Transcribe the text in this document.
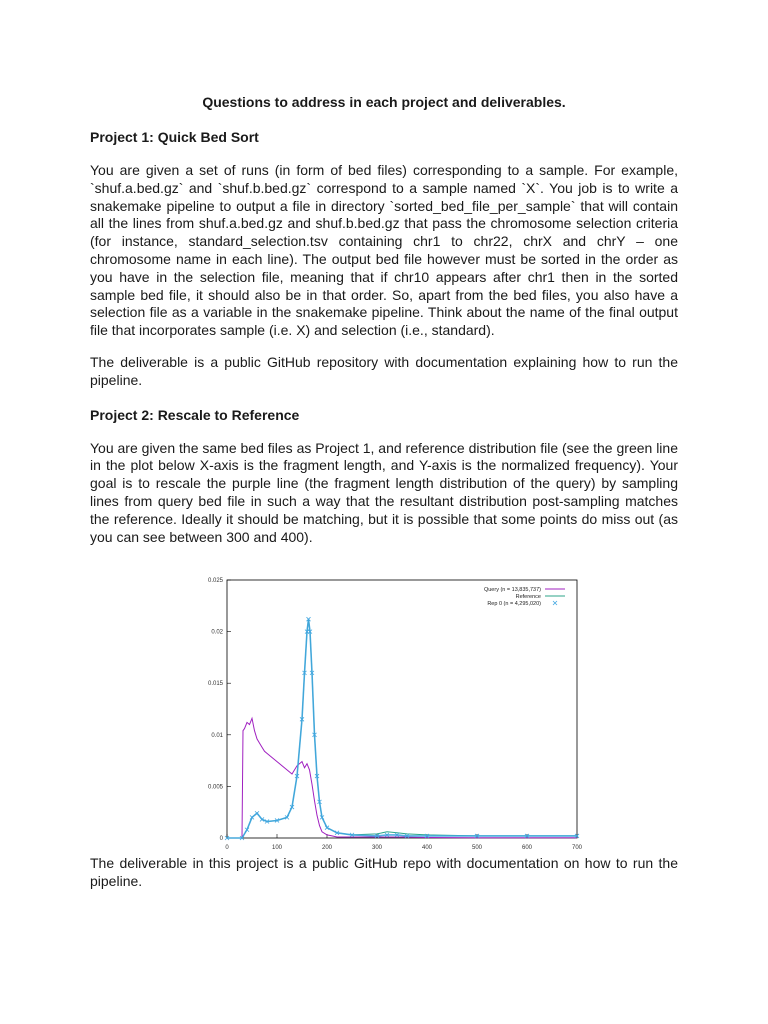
Questions to address in each project and deliverables.

Project 1: Quick Bed Sort

You are given a set of runs (in form of bed files) corresponding to a sample. For example, `shuf.a.bed.gz` and `shuf.b.bed.gz` correspond to a sample named `X`. You job is to write a snakemake pipeline to output a file in directory `sorted_bed_file_per_sample` that will contain all the lines from shuf.a.bed.gz and shuf.b.bed.gz that pass the chromosome selection criteria (for instance, standard_selection.tsv containing chr1 to chr22, chrX and chrY – one chromosome name in each line). The output bed file however must be sorted in the order as you have in the selection file, meaning that if chr10 appears after chr1 then in the sorted sample bed file, it should also be in that order. So, apart from the bed files, you also have a selection file as a variable in the snakemake pipeline. Think about the name of the final output file that incorporates sample (i.e. X) and selection (i.e., standard).

The deliverable is a public GitHub repository with documentation explaining how to run the pipeline.

Project 2: Rescale to Reference

You are given the same bed files as Project 1, and reference distribution file (see the green line in the plot below X-axis is the fragment length, and Y-axis is the normalized frequency). Your goal is to rescale the purple line (the fragment length distribution of the query) by sampling lines from query bed file in such a way that the resultant distribution post-sampling matches the reference. Ideally it should be matching, but it is possible that some points do miss out (as you can see between 300 and 400).

0	100	200	300	400	500	600	700
0
0.005
0.01
0.015
0.02
0.025
Query (n = 13,835,737)
Reference
Rep 0 (n = 4,295,020)

The deliverable in this project is a public GitHub repo with documentation on how to run the pipeline.
